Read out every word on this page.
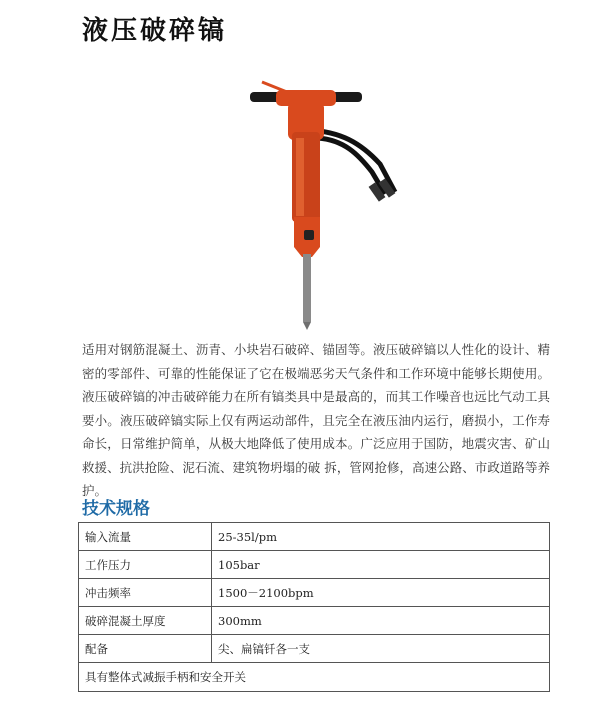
液压破碎镐
适用对钢筋混凝土、沥青、小块岩石破碎、锚固等。液压破碎镐以人性化的设计、精密的零部件、可靠的性能保证了它在极端恶劣天气条件和工作环境中能够长期使用。液压破碎镐的冲击破碎能力在所有镐类具中是最高的，而其工作噪音也远比气动工具要小。液压破碎镐实际上仅有两运动部件，且完全在液压油内运行，磨损小，工作寿命长，日常维护简单，从极大地降低了使用成本。广泛应用于国防，地震灾害、矿山救援、抗洪抢险、泥石流、建筑物坍塌的破 拆，管网抢修，高速公路、市政道路等养护。
技术规格
输入流量	25-35l/pm
工作压力	105bar
冲击频率	1500－2100bpm
破碎混凝土厚度	300mm
配备	尖、扁镐钎各一支
具有整体式减振手柄和安全开关	
